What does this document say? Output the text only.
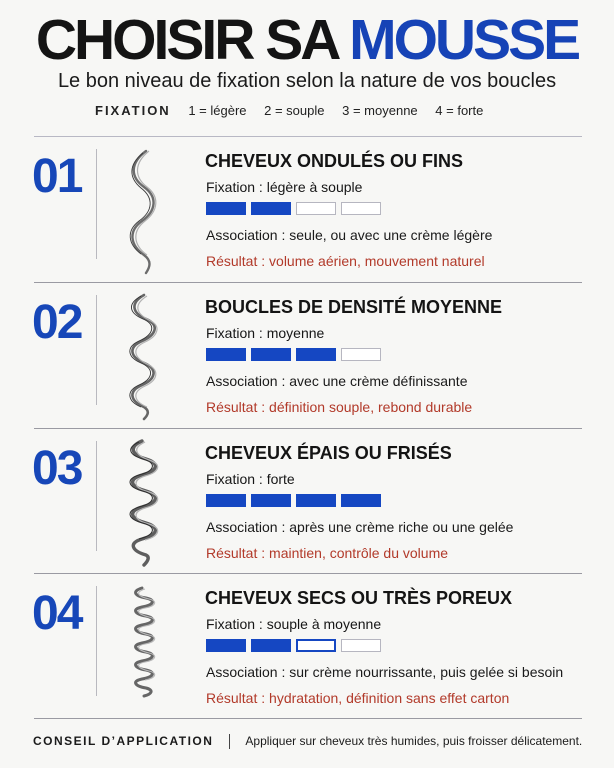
CHOISIR SA MOUSSE
Le bon niveau de fixation selon la nature de vos boucles
FIXATION 1 = légère 2 = souple 3 = moyenne 4 = forte
01	CHEVEUX ONDULÉS OU FINS
Fixation : légère à souple
Association : seule, ou avec une crème légère
Résultat : volume aérien, mouvement naturel
02	BOUCLES DE DENSITÉ MOYENNE
Fixation : moyenne
Association : avec une crème définissante
Résultat : définition souple, rebond durable
03	CHEVEUX ÉPAIS OU FRISÉS
Fixation : forte
Association : après une crème riche ou une gelée
Résultat : maintien, contrôle du volume
04	CHEVEUX SECS OU TRÈS POREUX
Fixation : souple à moyenne
Association : sur crème nourrissante, puis gelée si besoin
Résultat : hydratation, définition sans effet carton
CONSEIL D’APPLICATION	Appliquer sur cheveux très humides, puis froisser délicatement.
